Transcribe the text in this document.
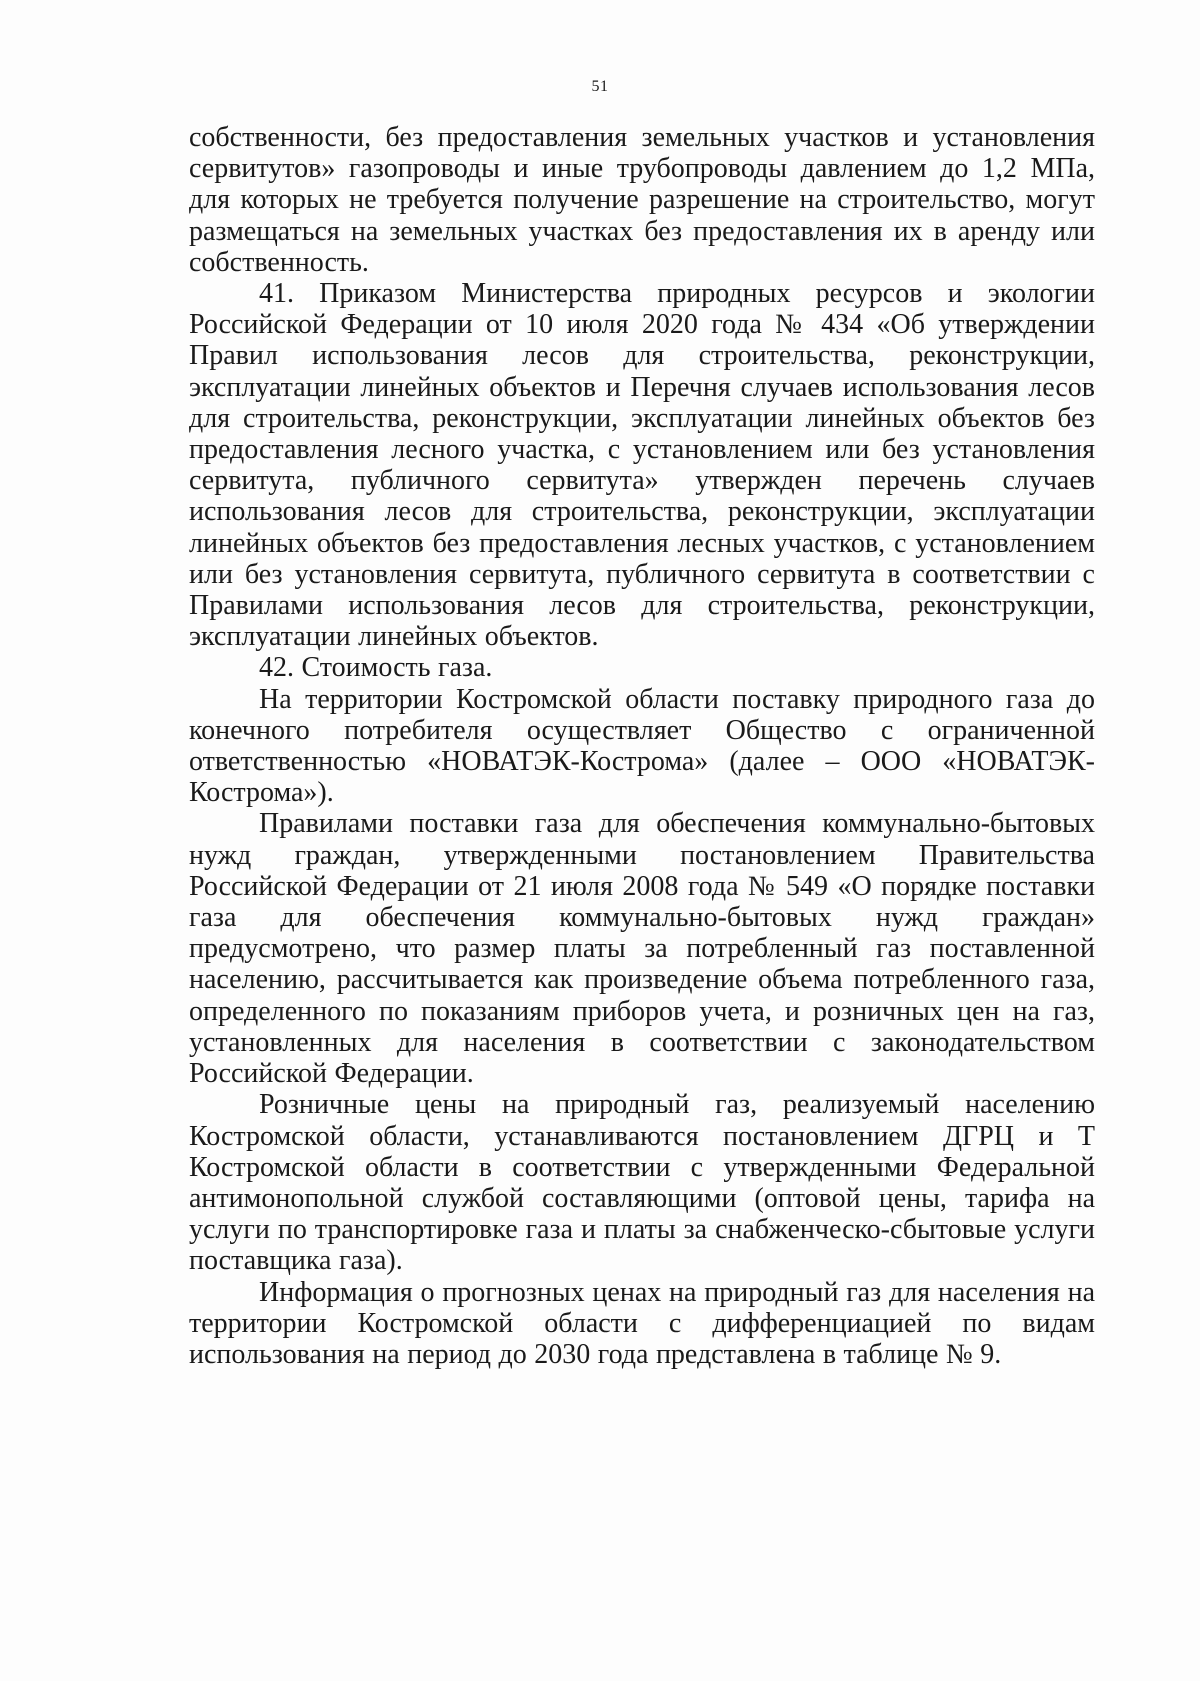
51

собственности, без предоставления земельных участков и установления сервитутов» газопроводы и иные трубопроводы давлением до 1,2 МПа, для которых не требуется получение разрешение на строительство, могут размещаться на земельных участках без предоставления их в аренду или собственность.

41. Приказом Министерства природных ресурсов и экологии Российской Федерации от 10 июля 2020 года № 434 «Об утверждении Правил использования лесов для строительства, реконструкции, эксплуатации линейных объектов и Перечня случаев использования лесов для строительства, реконструкции, эксплуатации линейных объектов без предоставления лесного участка, с установлением или без установления сервитута, публичного сервитута» утвержден перечень случаев использования лесов для строительства, реконструкции, эксплуатации линейных объектов без предоставления лесных участков, с установлением или без установления сервитута, публичного сервитута в соответствии с Правилами использования лесов для строительства, реконструкции, эксплуатации линейных объектов.

42. Стоимость газа.

На территории Костромской области поставку природного газа до конечного потребителя осуществляет Общество с ограниченной ответственностью «НОВАТЭК-Кострома» (далее – ООО «НОВАТЭК-Кострома»).

Правилами поставки газа для обеспечения коммунально-бытовых нужд граждан, утвержденными постановлением Правительства Российской Федерации от 21 июля 2008 года № 549 «О порядке поставки газа для обеспечения коммунально-бытовых нужд граждан» предусмотрено, что размер платы за потребленный газ поставленной населению, рассчитывается как произведение объема потребленного газа, определенного по показаниям приборов учета, и розничных цен на газ, установленных для населения в соответствии с законодательством Российской Федерации.

Розничные цены на природный газ, реализуемый населению Костромской области, устанавливаются постановлением ДГРЦ и Т Костромской области в соответствии с утвержденными Федеральной антимонопольной службой составляющими (оптовой цены, тарифа на услуги по транспортировке газа и платы за снабженческо-сбытовые услуги поставщика газа).

Информация о прогнозных ценах на природный газ для населения на территории Костромской области с дифференциацией по видам использования на период до 2030 года представлена в таблице № 9.
